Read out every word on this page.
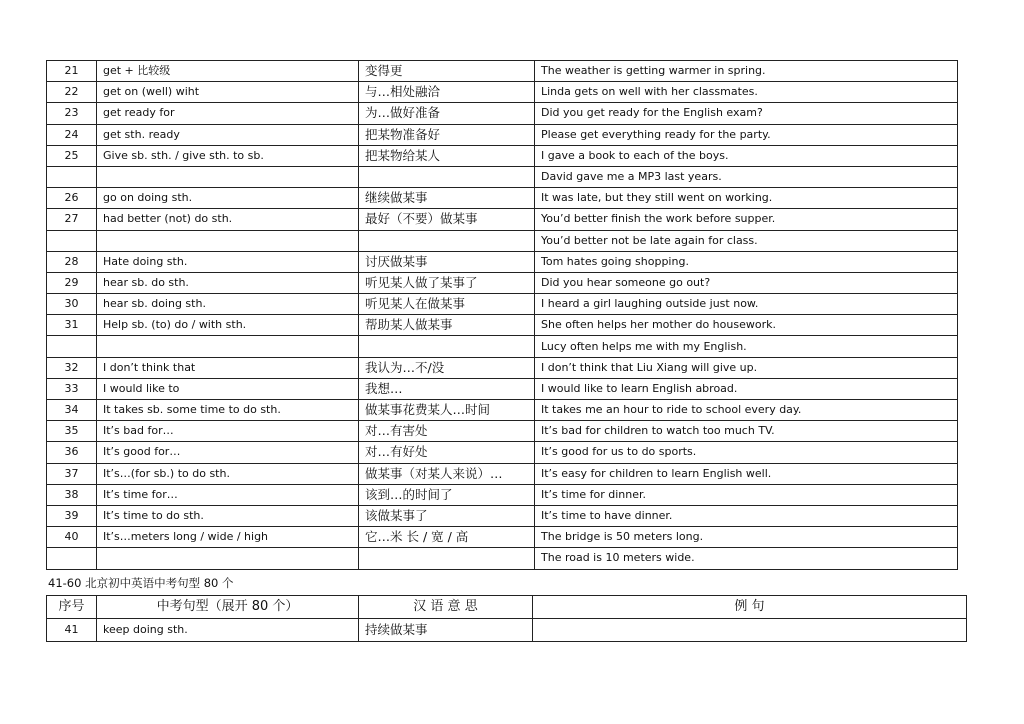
21	get + 比较级	变得更	The weather is getting warmer in spring.
22	get on (well) wiht	与…相处融洽	Linda gets on well with her classmates.
23	get ready for	为…做好准备	Did you get ready for the English exam?
24	get sth. ready	把某物准备好	Please get everything ready for the party.
25	Give sb. sth. / give sth. to sb.	把某物给某人	I gave a book to each of the boys.
			David gave me a MP3 last years.
26	go on doing sth.	继续做某事	It was late, but they still went on working.
27	had better (not) do sth.	最好（不要）做某事	You’d better finish the work before supper.
			You’d better not be late again for class.
28	Hate doing sth.	讨厌做某事	Tom hates going shopping.
29	hear sb. do sth.	听见某人做了某事了	Did you hear someone go out?
30	hear sb. doing sth.	听见某人在做某事	I heard a girl laughing outside just now.
31	Help sb. (to) do / with sth.	帮助某人做某事	She often helps her mother do housework.
			Lucy often helps me with my English.
32	I don’t think that	我认为…不/没	I don’t think that Liu Xiang will give up.
33	I would like to	我想…	I would like to learn English abroad.
34	It takes sb. some time to do sth.	做某事花费某人…时间	It takes me an hour to ride to school every day.
35	It’s bad for…	对…有害处	It’s bad for children to watch too much TV.
36	It’s good for…	对…有好处	It’s good for us to do sports.
37	It’s…(for sb.) to do sth.	做某事（对某人来说）…	It’s easy for children to learn English well.
38	It’s time for…	该到…的时间了	It’s time for dinner.
39	It’s time to do sth.	该做某事了	It’s time to have dinner.
40	It’s…meters long / wide / high	它…米 长 / 宽 / 高	The bridge is 50 meters long.
			The road is 10 meters wide.
41-60 北京初中英语中考句型 80 个
序号	中考句型（展开 80 个）	汉 语 意 思	例 句
41	keep doing sth.	持续做某事	
